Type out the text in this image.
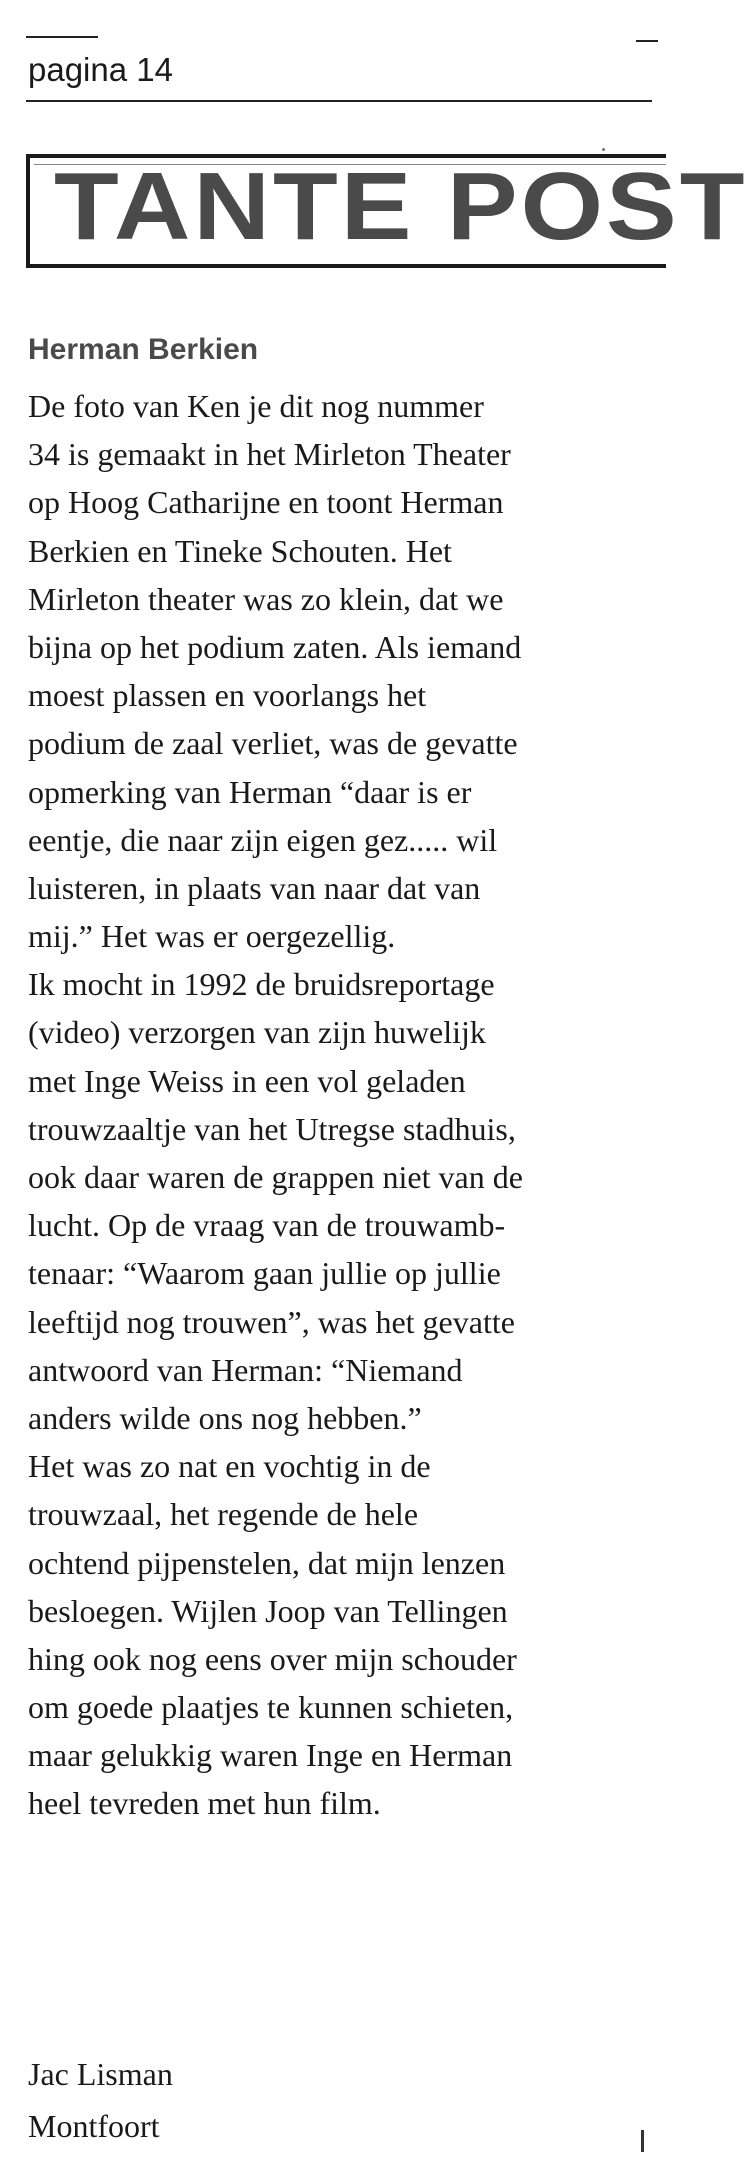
pagina 14
TANTE POST
Herman Berkien
De foto van Ken je dit nog nummer
34 is gemaakt in het Mirleton Theater
op Hoog Catharijne en toont Herman
Berkien en Tineke Schouten. Het
Mirleton theater was zo klein, dat we
bijna op het podium zaten. Als iemand
moest plassen en voorlangs het
podium de zaal verliet, was de gevatte
opmerking van Herman “daar is er
eentje, die naar zijn eigen gez..... wil
luisteren, in plaats van naar dat van
mij.” Het was er oergezellig.
Ik mocht in 1992 de bruidsreportage
(video) verzorgen van zijn huwelijk
met Inge Weiss in een vol geladen
trouwzaaltje van het Utregse stadhuis,
ook daar waren de grappen niet van de
lucht. Op de vraag van de trouwamb-
tenaar: “Waarom gaan jullie op jullie
leeftijd nog trouwen”, was het gevatte
antwoord van Herman: “Niemand
anders wilde ons nog hebben.”
Het was zo nat en vochtig in de
trouwzaal, het regende de hele
ochtend pijpenstelen, dat mijn lenzen
besloegen. Wijlen Joop van Tellingen
hing ook nog eens over mijn schouder
om goede plaatjes te kunnen schieten,
maar gelukkig waren Inge en Herman
heel tevreden met hun film.
Jac Lisman
Montfoort
